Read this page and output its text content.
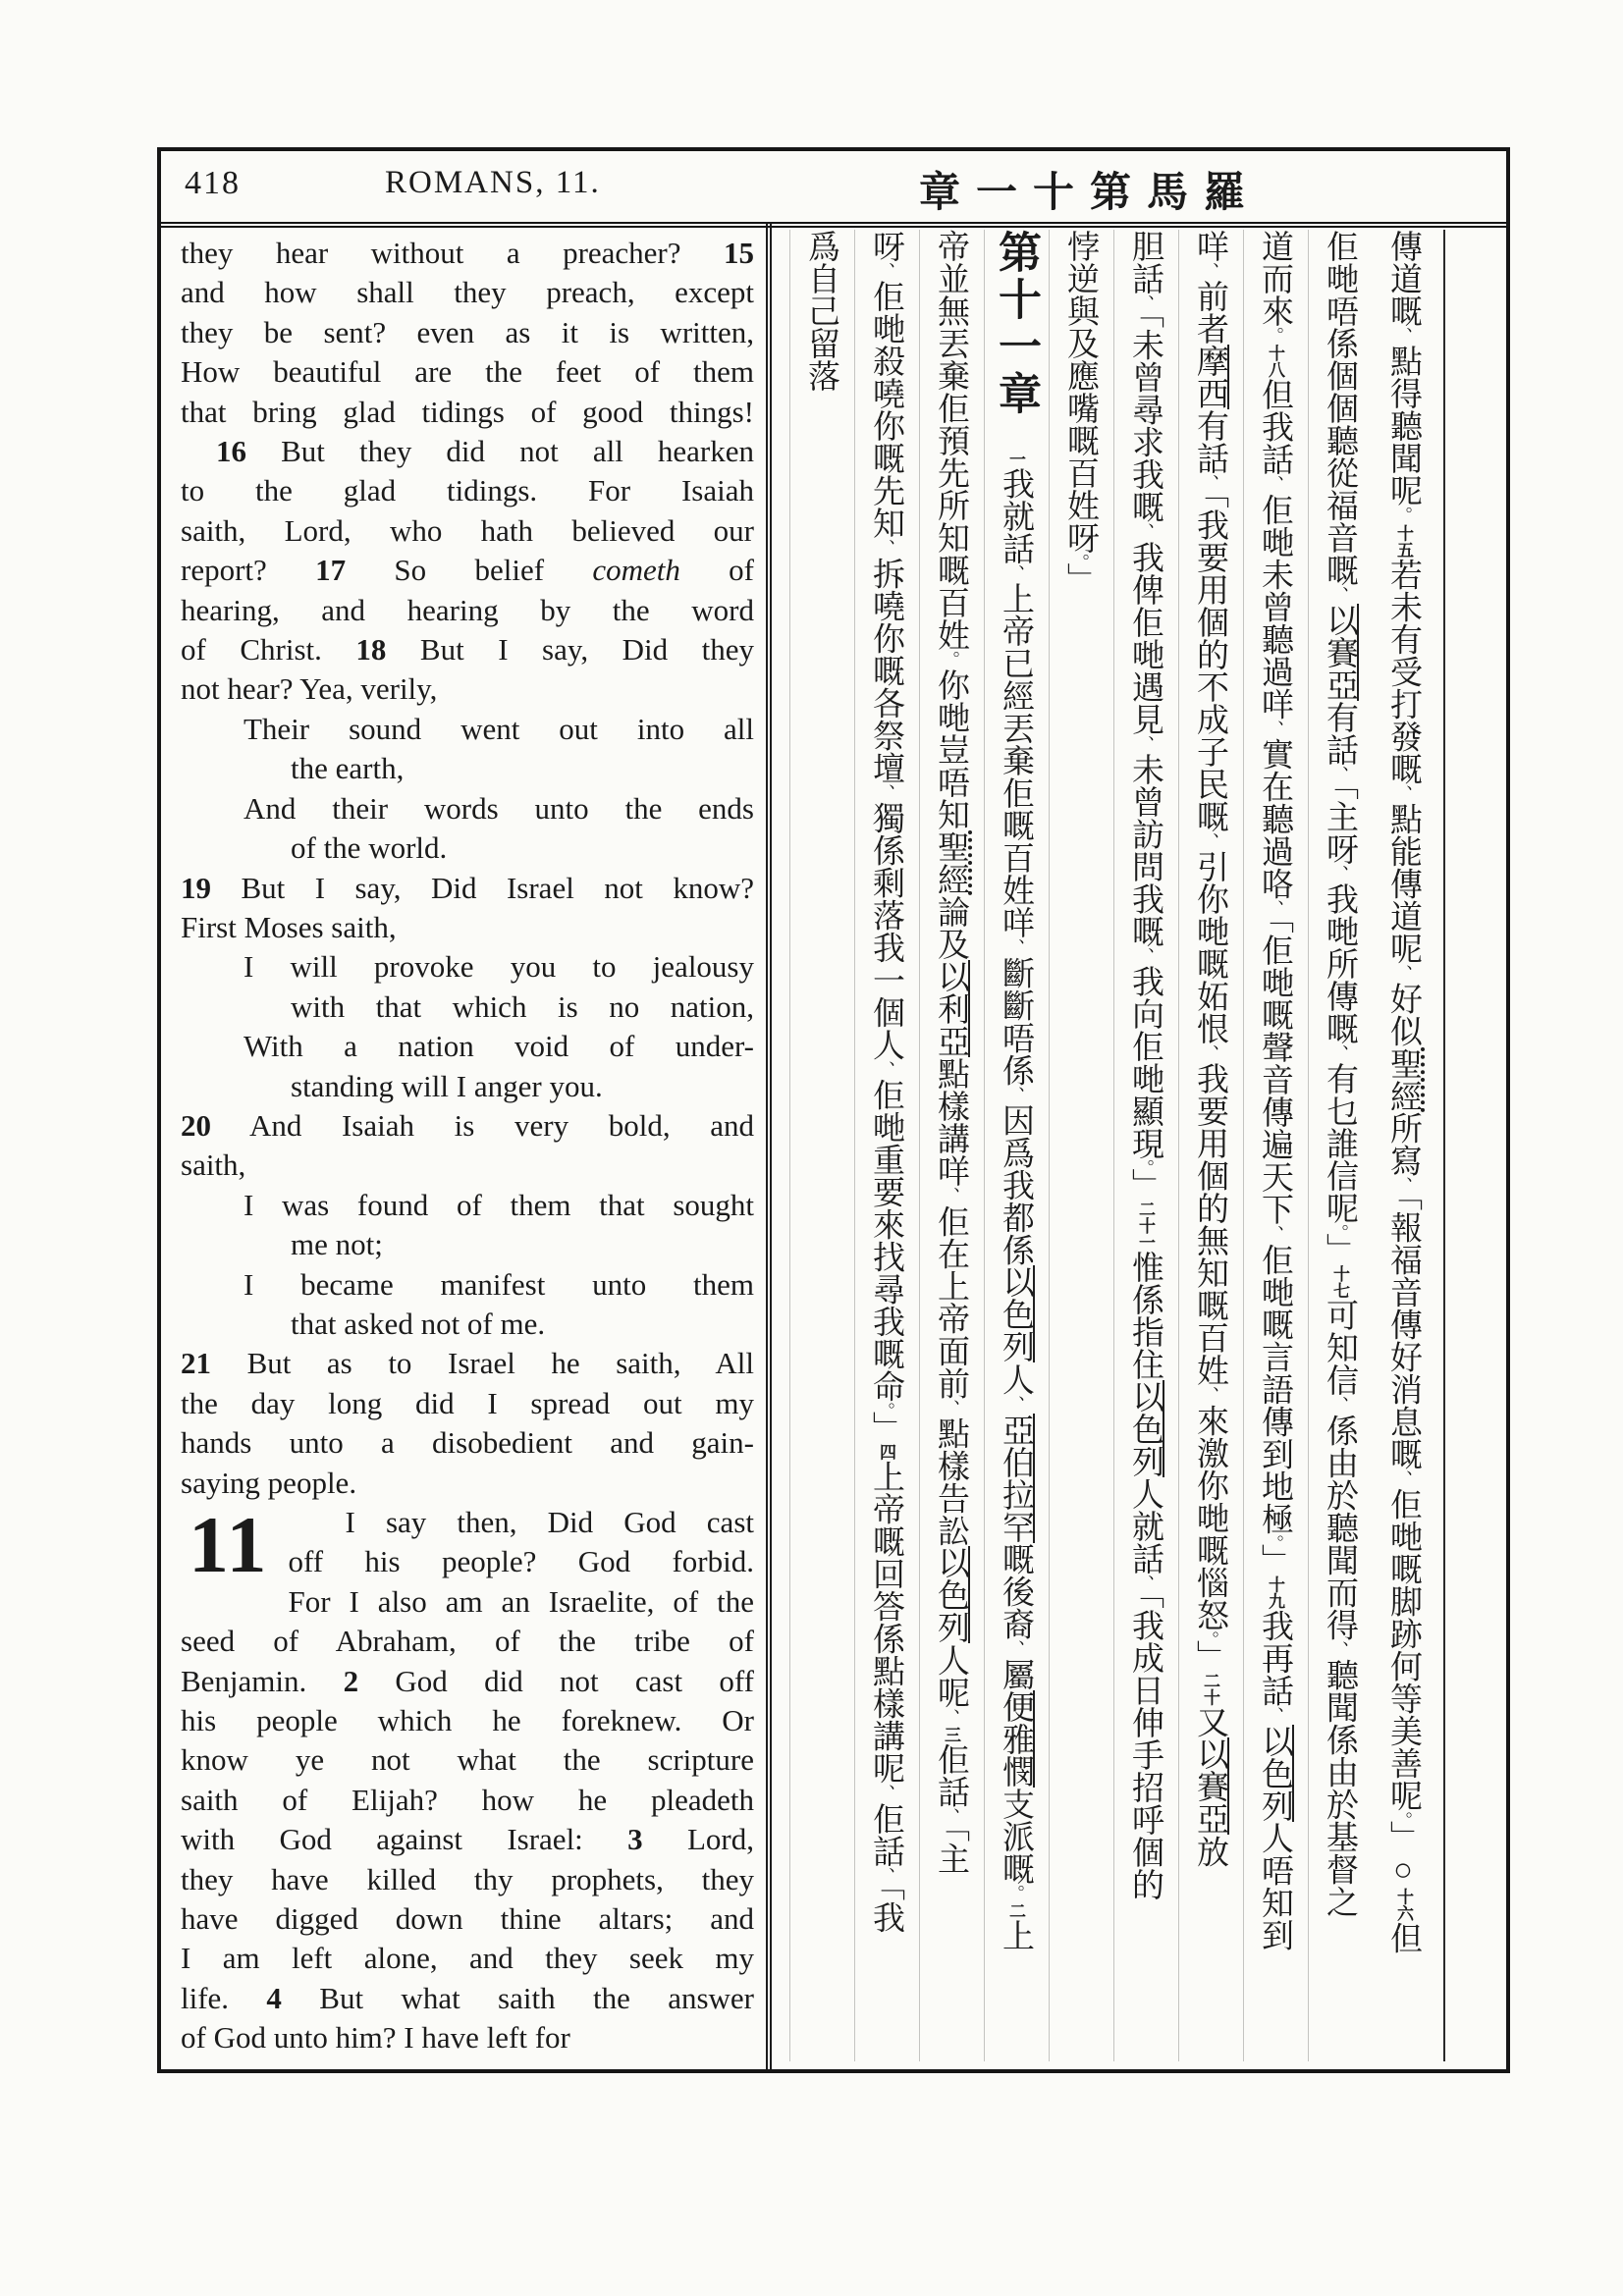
418	ROMANS, 11.	章一十第馬羅
they hear without a preacher? 15
and how shall they preach, except
they be sent? even as it is written,
How beautiful are the feet of them
that bring glad tidings of good things!
16 But they did not all hearken
to the glad tidings. For Isaiah
saith, Lord, who hath believed our
report? 17 So belief cometh of
hearing, and hearing by the word
of Christ. 18 But I say, Did they
not hear? Yea, verily,
Their sound went out into all
the earth,
And their words unto the ends
of the world.
19 But I say, Did Israel not know?
First Moses saith,
I will provoke you to jealousy
with that which is no nation,
With a nation void of under-
standing will I anger you.
20 And Isaiah is very bold, and
saith,
I was found of them that sought
me not;
I became manifest unto them
that asked not of me.
21 But as to Israel he saith, All
the day long did I spread out my
hands unto a disobedient and gain-
saying people.
11	I say then, Did God cast
off his people? God forbid.
For I also am an Israelite, of the
seed of Abraham, of the tribe of
Benjamin. 2 God did not cast off
his people which he foreknew. Or
know ye not what the scripture
saith of Elijah? how he pleadeth
with God against Israel: 3 Lord,
they have killed thy prophets, they
have digged down thine altars; and
I am left alone, and they seek my
life. 4 But what saith the answer
of God unto him? I have left for
傳道嘅、點得聽聞呢。十五若未有受打發嘅、點能傳道呢、好似聖經所寫、「報福音傳好消息嘅、佢哋嘅脚跡何等美善呢。」○十六但
佢哋唔係個個聽從福音嘅、以賽亞有話、「主呀、我哋所傳嘅、有乜誰信呢。」十七可知信、係由於聽聞而得、聽聞係由於基督之
道而來。十八但我話、佢哋未曾聽過咩、實在聽過咯、「佢哋嘅聲音傳遍天下、佢哋嘅言語傳到地極。」十九我再話、以色列人唔知到
咩、前者摩西有話、「我要用個的不成子民嘅、引你哋嘅妬恨、我要用個的無知嘅百姓、來激你哋嘅惱怒。」二十又以賽亞放
胆話、「未曾尋求我嘅、我俾佢哋遇見、未曾訪問我嘅、我向佢哋顯現。」二十一惟係指住以色列人就話、「我成日伸手招呼個的
悖逆與及應嘴嘅百姓呀。」
第十一章　一我就話、上帝已經丟棄佢嘅百姓咩、斷斷唔係、因爲我都係以色列人、亞伯拉罕嘅後裔、屬便雅憫支派嘅。二上
帝並無丟棄佢預先所知嘅百姓。你哋豈唔知聖經論及以利亞點樣講咩、佢在上帝面前、點樣告訟以色列人呢、三佢話、「主
呀、佢哋殺嘵你嘅先知、拆嘵你嘅各祭壇、獨係剩落我一個人、佢哋重要來找尋我嘅命。」四上帝嘅回答係點樣講呢、佢話、「我
爲自己留落
